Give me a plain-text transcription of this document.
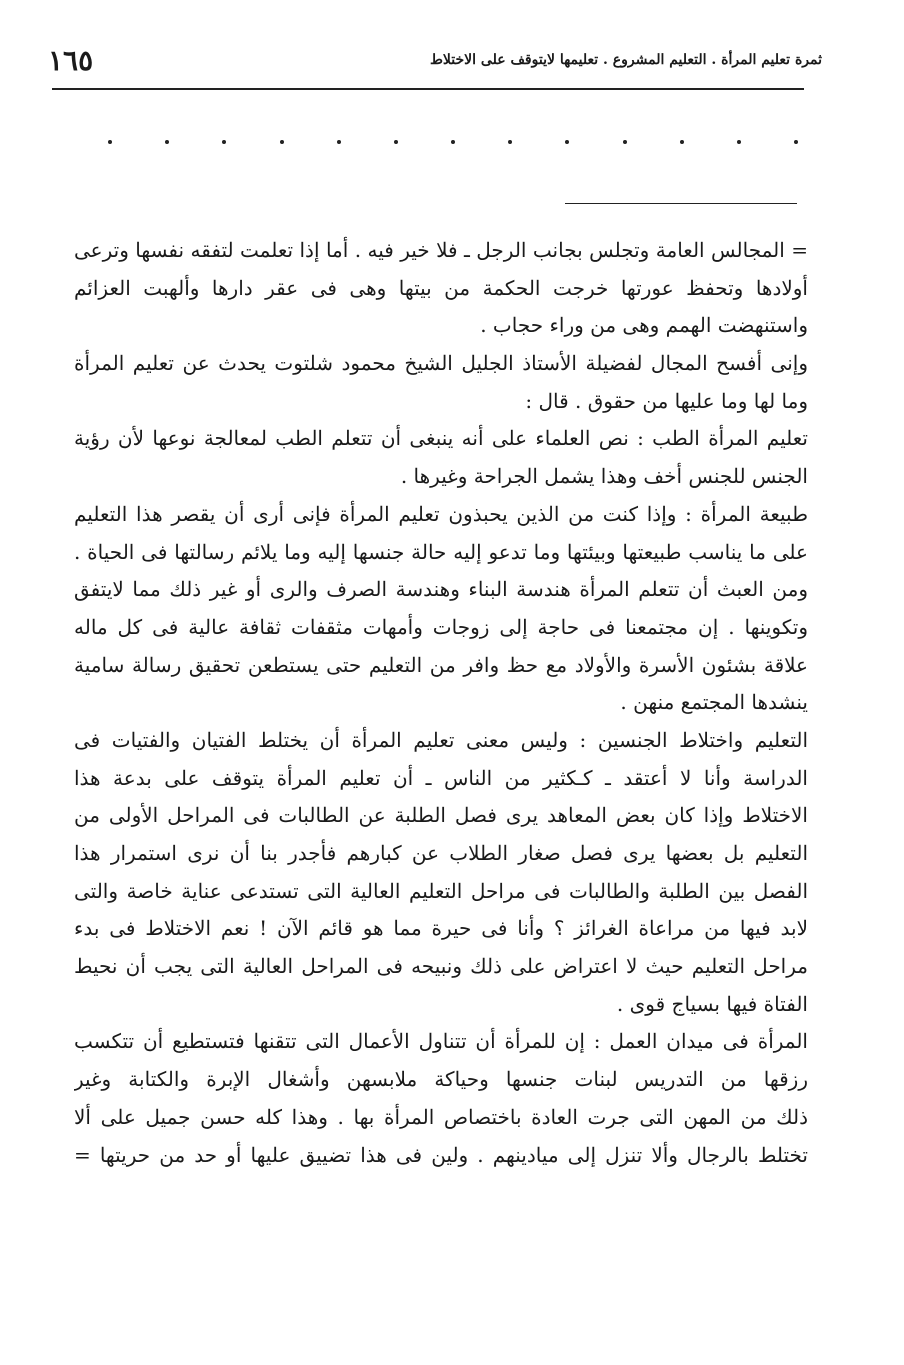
ثمرة تعليم المرأة . التعليم المشروع . تعليمها لايتوقف على الاختلاط
١٦٥
= المجالس العامة وتجلس بجانب الرجل ـ فلا خير فيه . أما إذا تعلمت لتفقه نفسها وترعى
أولادها وتحفظ عورتها خرجت الحكمة من بيتها وهى فى عقر دارها وألهبت العزائم
واستنهضت الهمم وهى من وراء حجاب .
وإنى أفسح المجال لفضيلة الأستاذ الجليل الشيخ محمود شلتوت يحدث عن تعليم المرأة
وما لها وما عليها من حقوق . قال :
تعليم المرأة الطب : نص العلماء على أنه ينبغى أن تتعلم الطب لمعالجة نوعها لأن رؤية
الجنس للجنس أخف وهذا يشمل الجراحة وغيرها .
طبيعة المرأة : وإذا كنت من الذين يحبذون تعليم المرأة فإنى أرى أن يقصر هذا التعليم
على ما يناسب طبيعتها وبيئتها وما تدعو إليه حالة جنسها إليه وما يلائم رسالتها فى الحياة .
ومن العبث أن تتعلم المرأة هندسة البناء وهندسة الصرف والرى أو غير ذلك مما لايتفق
وتكوينها . إن مجتمعنا فى حاجة إلى زوجات وأمهات مثقفات ثقافة عالية فى كل ماله
علاقة بشئون الأسرة والأولاد مع حظ وافر من التعليم حتى يستطعن تحقيق رسالة سامية
ينشدها المجتمع منهن .
التعليم واختلاط الجنسين : وليس معنى تعليم المرأة أن يختلط الفتيان والفتيات فى
الدراسة وأنا لا أعتقد ـ كـكثير من الناس ـ أن تعليم المرأة يتوقف على بدعة هذا
الاختلاط وإذا كان بعض المعاهد يرى فصل الطلبة عن الطالبات فى المراحل الأولى من
التعليم بل بعضها يرى فصل صغار الطلاب عن كبارهم فأجدر بنا أن نرى استمرار هذا
الفصل بين الطلبة والطالبات فى مراحل التعليم العالية التى تستدعى عناية خاصة والتى
لابد فيها من مراعاة الغرائز ؟ وأنا فى حيرة مما هو قائم الآن ! نعم الاختلاط فى بدء
مراحل التعليم حيث لا اعتراض على ذلك ونبيحه فى المراحل العالية التى يجب أن نحيط
الفتاة فيها بسياج قوى .
المرأة فى ميدان العمل : إن للمرأة أن تتناول الأعمال التى تتقنها فتستطيع أن تتكسب
رزقها من التدريس لبنات جنسها وحياكة ملابسهن وأشغال الإبرة والكتابة وغير
ذلك من المهن التى جرت العادة باختصاص المرأة بها . وهذا كله حسن جميل على ألا
تختلط بالرجال وألا تنزل إلى ميادينهم . ولين فى هذا تضييق عليها أو حد من حريتها =
